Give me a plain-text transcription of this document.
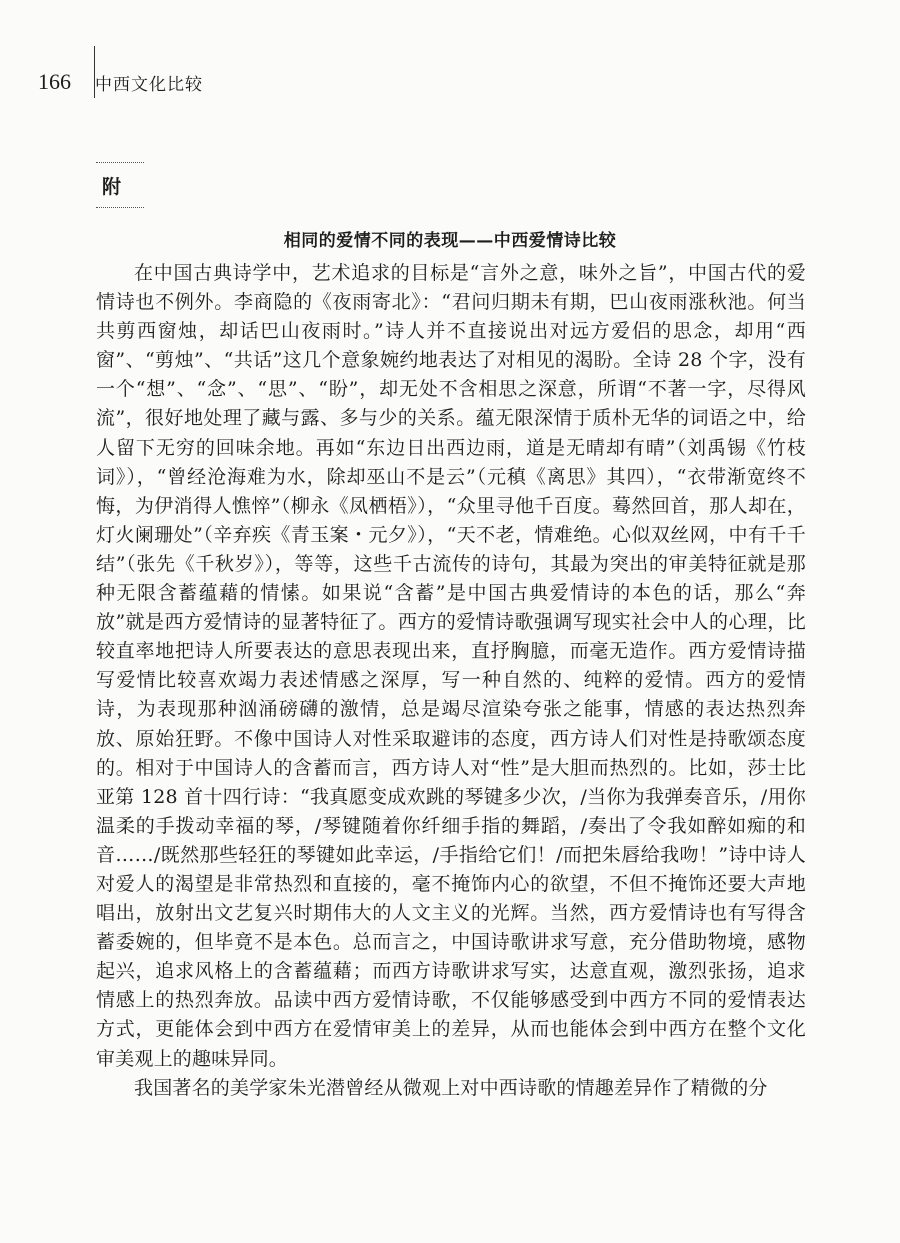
166	中西文化比较
附
相同的爱情不同的表现——中西爱情诗比较

在中国古典诗学中，艺术追求的目标是“言外之意，味外之旨”，中国古代的爱情诗也不例外。李商隐的《夜雨寄北》：“君问归期未有期，巴山夜雨涨秋池。何当共剪西窗烛，却话巴山夜雨时。”诗人并不直接说出对远方爱侣的思念，却用“西窗”、“剪烛”、“共话”这几个意象婉约地表达了对相见的渴盼。全诗 28 个字，没有一个“想”、“念”、“思”、“盼”，却无处不含相思之深意，所谓“不著一字，尽得风流”，很好地处理了藏与露、多与少的关系。蕴无限深情于质朴无华的词语之中，给人留下无穷的回味余地。再如“东边日出西边雨，道是无晴却有晴”（刘禹锡《竹枝词》），“曾经沧海难为水，除却巫山不是云”（元稹《离思》其四），“衣带渐宽终不悔，为伊消得人憔悴”（柳永《凤栖梧》），“众里寻他千百度。蓦然回首，那人却在，灯火阑珊处”（辛弃疾《青玉案・元夕》），“天不老，情难绝。心似双丝网，中有千千结”（张先《千秋岁》），等等，这些千古流传的诗句，其最为突出的审美特征就是那种无限含蓄蕴藉的情愫。如果说“含蓄”是中国古典爱情诗的本色的话，那么“奔放”就是西方爱情诗的显著特征了。西方的爱情诗歌强调写现实社会中人的心理，比较直率地把诗人所要表达的意思表现出来，直抒胸臆，而毫无造作。西方爱情诗描写爱情比较喜欢竭力表述情感之深厚，写一种自然的、纯粹的爱情。西方的爱情诗，为表现那种汹涌磅礴的激情，总是竭尽渲染夸张之能事，情感的表达热烈奔放、原始狂野。不像中国诗人对性采取避讳的态度，西方诗人们对性是持歌颂态度的。相对于中国诗人的含蓄而言，西方诗人对“性”是大胆而热烈的。比如，莎士比亚第 128 首十四行诗：“我真愿变成欢跳的琴键多少次，/当你为我弹奏音乐，/用你温柔的手拨动幸福的琴，/琴键随着你纤细手指的舞蹈，/奏出了令我如醉如痴的和音……/既然那些轻狂的琴键如此幸运，/手指给它们！/而把朱唇给我吻！”诗中诗人对爱人的渴望是非常热烈和直接的，毫不掩饰内心的欲望，不但不掩饰还要大声地唱出，放射出文艺复兴时期伟大的人文主义的光辉。当然，西方爱情诗也有写得含蓄委婉的，但毕竟不是本色。总而言之，中国诗歌讲求写意，充分借助物境，感物起兴，追求风格上的含蓄蕴藉；而西方诗歌讲求写实，达意直观，激烈张扬，追求情感上的热烈奔放。品读中西方爱情诗歌，不仅能够感受到中西方不同的爱情表达方式，更能体会到中西方在爱情审美上的差异，从而也能体会到中西方在整个文化审美观上的趣味异同。

我国著名的美学家朱光潜曾经从微观上对中西诗歌的情趣差异作了精微的分
